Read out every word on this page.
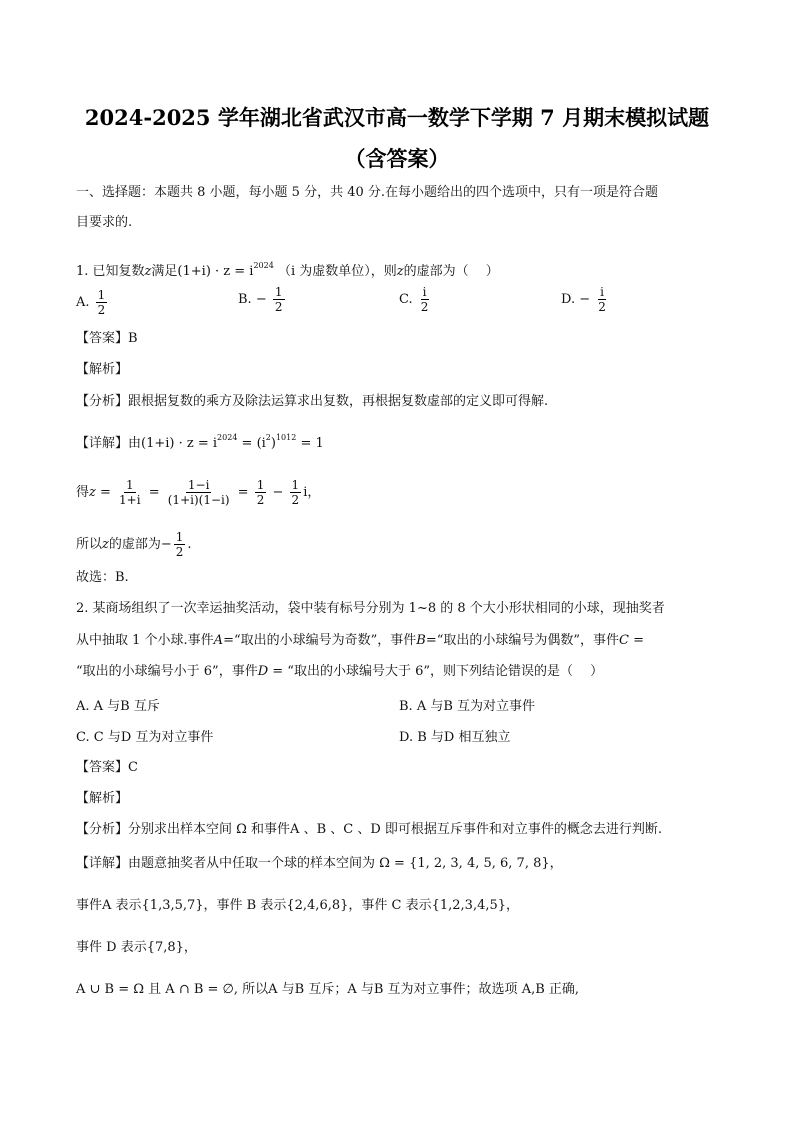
2024-2025 学年湖北省武汉市高一数学下学期 7 月期末模拟试题
（含答案）
一、选择题：本题共 8 小题，每小题 5 分，共 40 分.在每小题给出的四个选项中，只有一项是符合题
目要求的.
1. 已知复数z满足$(1+i) \cdot z = i^{2024}$ （i 为虚数单位），则z的虚部为（　 ）
A. $\frac{1}{2}$	B. − $\frac{1}{2}$	C. $\frac{i}{2}$	D. − $\frac{i}{2}$
【答案】B
【解析】
【分析】跟根据复数的乘方及除法运算求出复数，再根据复数虚部的定义即可得解.
【详解】由$(1+i) \cdot z = i^{2024} = (i^2)^{1012} = 1$
得$z = \frac{1}{1+i} = \frac{1-i}{(1+i)(1-i)} = \frac{1}{2} - \frac{1}{2}$ i，
所以z的虚部为− $\frac{1}{2}$ .
故选：B.
2. 某商场组织了一次幸运抽奖活动，袋中装有标号分别为 1~8 的 8 个大小形状相同的小球，现抽奖者
从中抽取 1 个小球.事件A=“取出的小球编号为奇数”，事件B=“取出的小球编号为偶数”，事件C =
“取出的小球编号小于 6”，事件D = “取出的小球编号大于 6”，则下列结论错误的是（　 ）
A. A 与B 互斥	B. A 与B 互为对立事件
C. C 与D 互为对立事件	D. B 与D 相互独立
【答案】C
【解析】
【分析】分别求出样本空间 Ω 和事件A 、B 、C 、D 即可根据互斥事件和对立事件的概念去进行判断.
【详解】由题意抽奖者从中任取一个球的样本空间为 Ω = {1, 2, 3, 4, 5, 6, 7, 8}，
事件A 表示{1,3,5,7}，事件 B 表示{2,4,6,8}，事件 C 表示{1,2,3,4,5}，
事件 D 表示{7,8}，
A ∪ B = Ω 且 A ∩ B = ∅, 所以A 与B 互斥；A 与B 互为对立事件；故选项 A,B 正确,
